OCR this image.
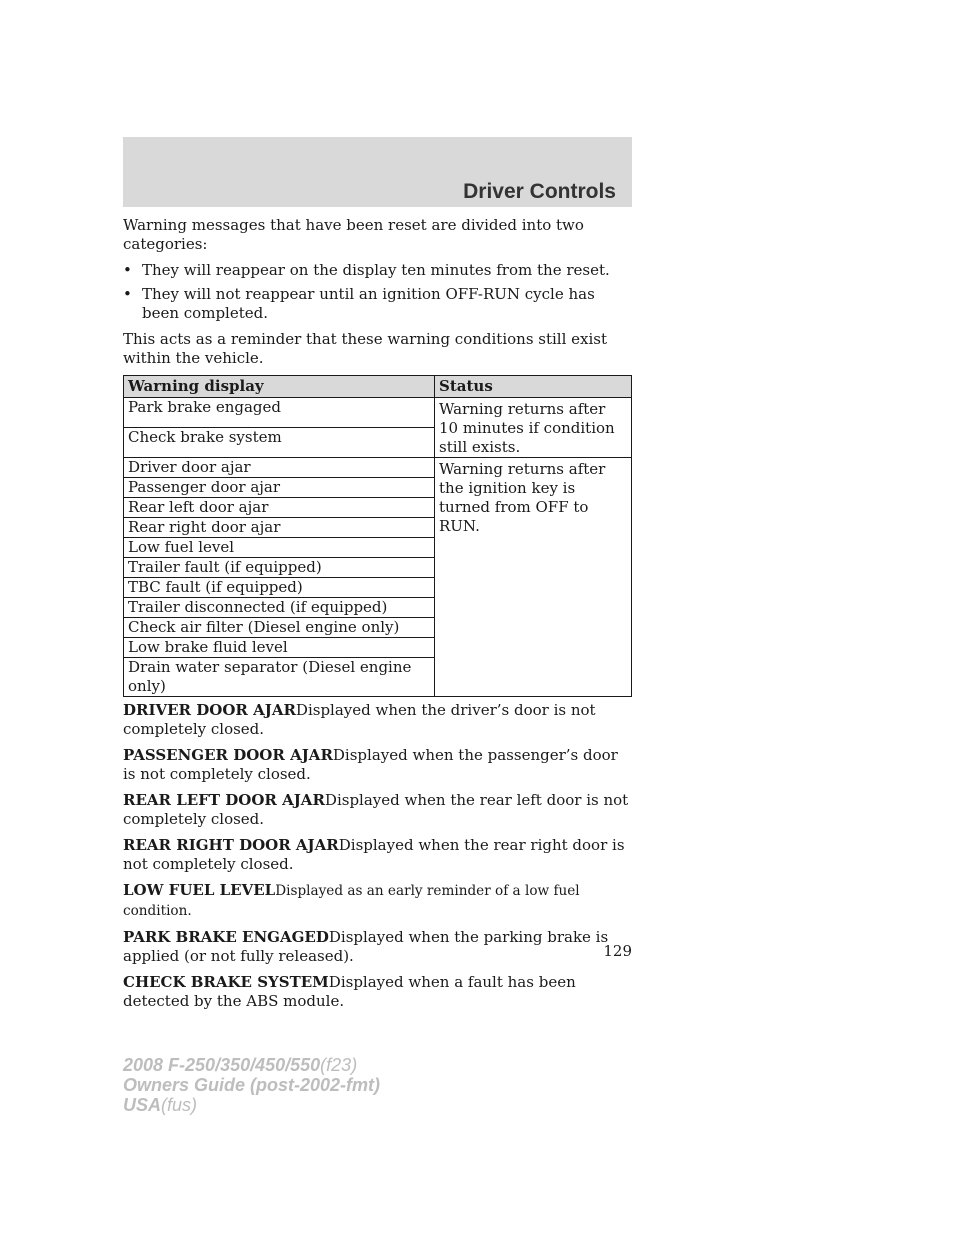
Driver Controls

Warning messages that have been reset are divided into two categories:

• They will reappear on the display ten minutes from the reset.
• They will not reappear until an ignition OFF-RUN cycle has been completed.

This acts as a reminder that these warning conditions still exist within the vehicle.

Warning display	Status
Park brake engaged	Warning returns after 10 minutes if condition still exists.
Check brake system	
Driver door ajar	Warning returns after the ignition key is turned from OFF to RUN.
Passenger door ajar	
Rear left door ajar	
Rear right door ajar	
Low fuel level	
Trailer fault (if equipped)	
TBC fault (if equipped)	
Trailer disconnected (if equipped)	
Check air filter (Diesel engine only)	
Low brake fluid level	
Drain water separator (Diesel engine only)	

DRIVER DOOR AJARDisplayed when the driver’s door is not completely closed.

PASSENGER DOOR AJARDisplayed when the passenger’s door is not completely closed.

REAR LEFT DOOR AJARDisplayed when the rear left door is not completely closed.

REAR RIGHT DOOR AJARDisplayed when the rear right door is not completely closed.

LOW FUEL LEVELDisplayed as an early reminder of a low fuel condition.

PARK BRAKE ENGAGEDDisplayed when the parking brake is applied (or not fully released).

CHECK BRAKE SYSTEMDisplayed when a fault has been detected by the ABS module.

129
2008 F-250/350/450/550(f23)
Owners Guide (post-2002-fmt)
USA(fus)
